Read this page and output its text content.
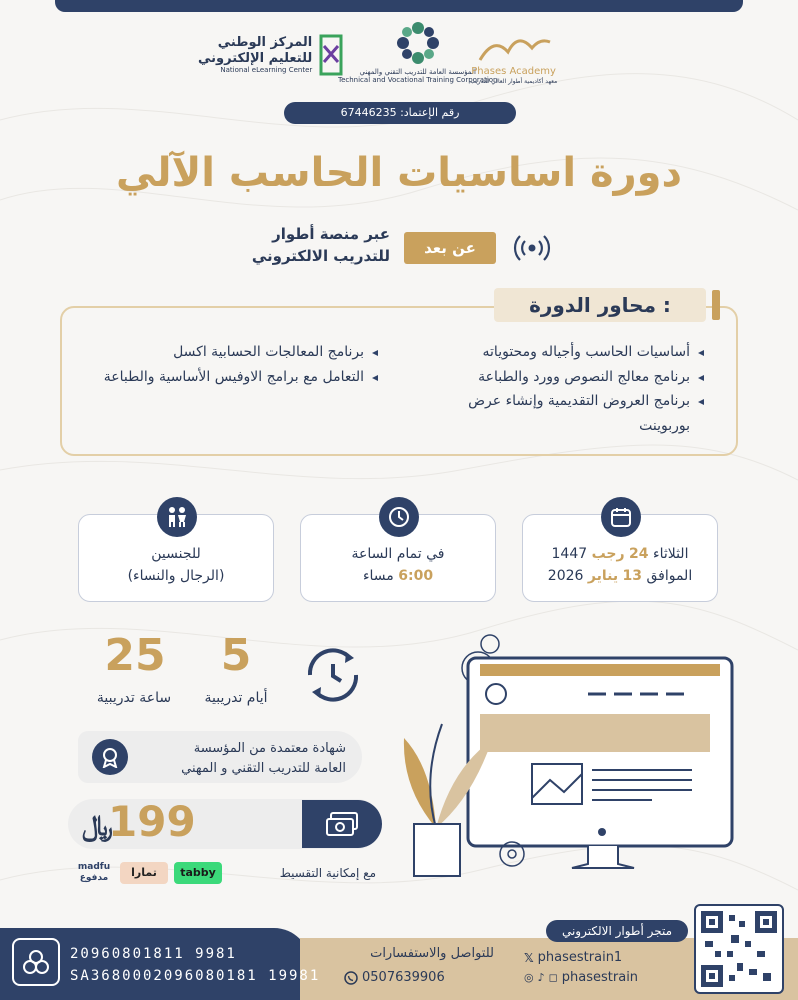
المركز الوطني
للتعليم الإلكتروني
National eLearning Center	المؤسسة العامة للتدريب التقني والمهني
Technical and Vocational Training Corporation
Phases Academy
معهد أكاديمية أطوار العالي للتدريب
رقم الإعتماد: 67446235
دورة اساسيات الحاسب الآلي
عبر منصة أطوار
للتدريب الالكتروني	عن بعد
محاور الدورة :
أساسيات الحاسب وأجياله ومحتوياته
برنامج معالج النصوص وورد والطباعة
برنامج العروض التقديمية وإنشاء عرض بوربوينت
برنامج المعالجات الحسابية اكسل
التعامل مع برامج الاوفيس الأساسية والطباعة
الثلاثاء 24 رجب 1447
الموافق 13 يناير 2026
في تمام الساعة
6:00 مساء
للجنسين
(الرجال والنساء)
5
أيام تدريبية
25
ساعة تدريبية
شهادة معتمدة من المؤسسة
العامة للتدريب التقني و المهني
﷼
199
مع إمكانية التقسيط
tabby
تمارا
madfu مدفوع
20960801811 9981
SA3680002096080181 19981
للتواصل والاستفسارات
0507639906
𝕏 phasestrain1
◎ ♪ ◻ phasestrain
متجر أطوار الالكتروني
